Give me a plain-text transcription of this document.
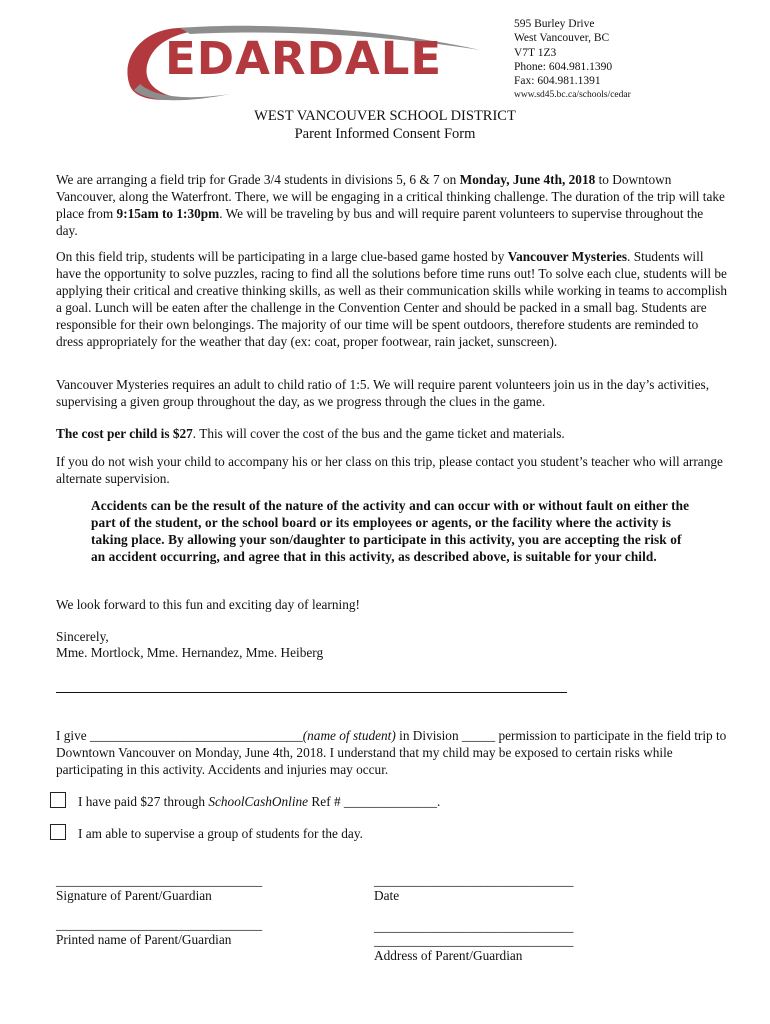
EDARDALE
595 Burley Drive
West Vancouver, BC
V7T 1Z3
Phone: 604.981.1390
Fax: 604.981.1391
www.sd45.bc.ca/schools/cedar
WEST VANCOUVER SCHOOL DISTRICT
Parent Informed Consent Form
We are arranging a field trip for Grade 3/4 students in divisions 5, 6 & 7 on Monday, June 4th, 2018 to Downtown Vancouver, along the Waterfront. There, we will be engaging in a critical thinking challenge. The duration of the trip will take place from 9:15am to 1:30pm. We will be traveling by bus and will require parent volunteers to supervise throughout the day.
On this field trip, students will be participating in a large clue-based game hosted by Vancouver Mysteries. Students will have the opportunity to solve puzzles, racing to find all the solutions before time runs out! To solve each clue, students will be applying their critical and creative thinking skills, as well as their communication skills while working in teams to accomplish a goal. Lunch will be eaten after the challenge in the Convention Center and should be packed in a small bag. Students are responsible for their own belongings. The majority of our time will be spent outdoors, therefore students are reminded to dress appropriately for the weather that day (ex: coat, proper footwear, rain jacket, sunscreen).
Vancouver Mysteries requires an adult to child ratio of 1:5. We will require parent volunteers join us in the day’s activities, supervising a given group throughout the day, as we progress through the clues in the game.
The cost per child is $27. This will cover the cost of the bus and the game ticket and materials.
If you do not wish your child to accompany his or her class on this trip, please contact you student’s teacher who will arrange alternate supervision.
Accidents can be the result of the nature of the activity and can occur with or without fault on either the part of the student, or the school board or its employees or agents, or the facility where the activity is taking place. By allowing your son/daughter to participate in this activity, you are accepting the risk of an accident occurring, and agree that in this activity, as described above, is suitable for your child.
We look forward to this fun and exciting day of learning!
Sincerely,
Mme. Mortlock, Mme. Hernandez, Mme. Heiberg
I give ________________________________(name of student) in Division _____ permission to participate in the field trip to Downtown Vancouver on Monday, June 4th, 2018. I understand that my child may be exposed to certain risks while participating in this activity. Accidents and injuries may occur.
I have paid $27 through SchoolCashOnline Ref # ______________.
I am able to supervise a group of students for the day.
_______________________________
Signature of Parent/Guardian
______________________________
Date
_______________________________
Printed name of Parent/Guardian
______________________________
______________________________
Address of Parent/Guardian
